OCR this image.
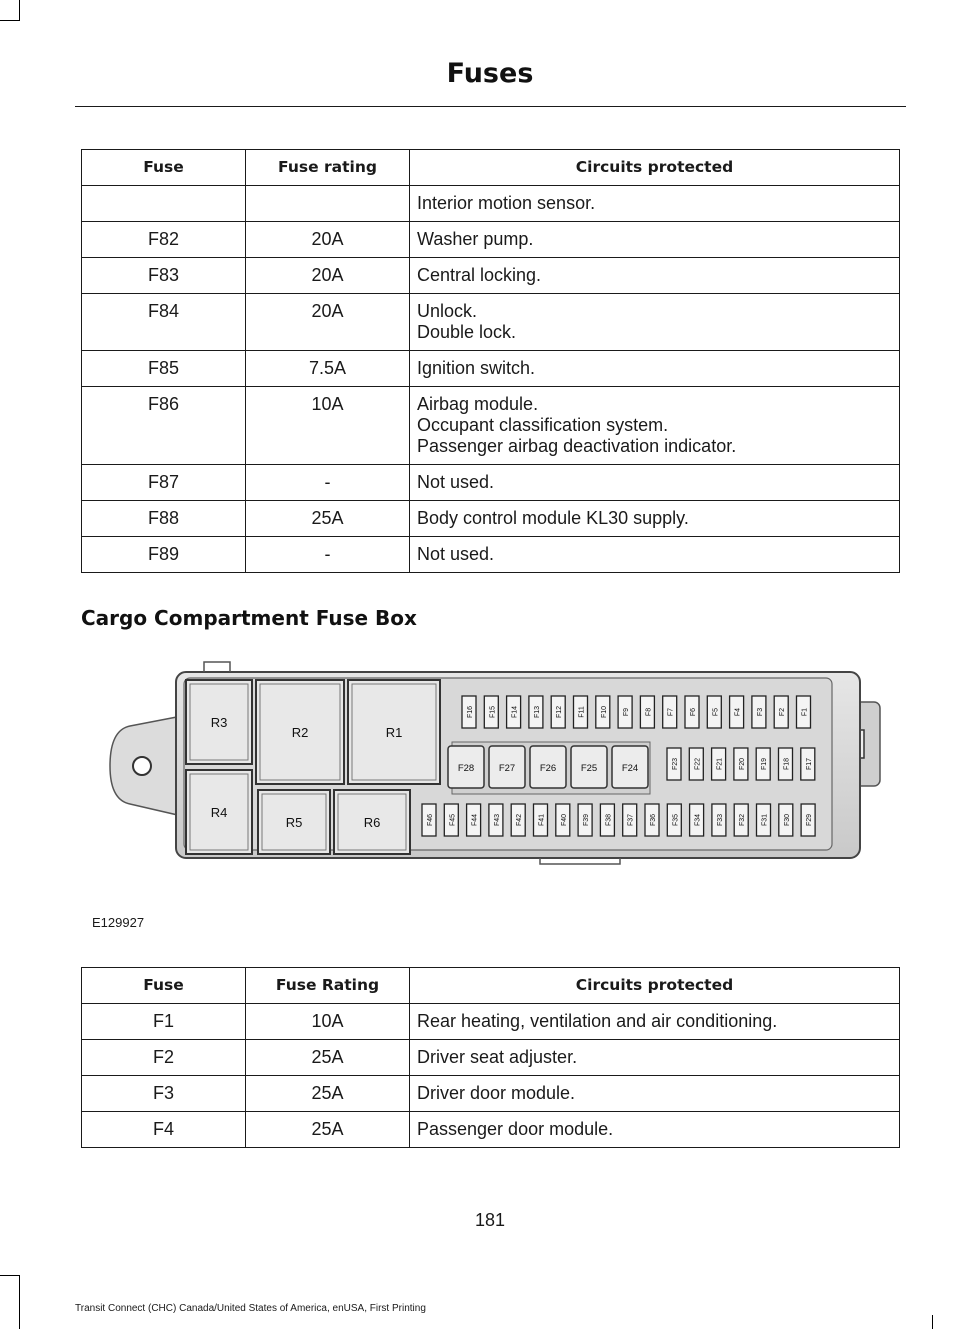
Fuses
Fuse	Fuse rating	Circuits protected

		Interior motion sensor.

F82	20A	Washer pump.

F83	20A	Central locking.

F84	20A	Unlock.
Double lock.

F85	7.5A	Ignition switch.

F86	10A	Airbag module.
Occupant classification system.
Passenger airbag deactivation indicator.

F87	-	Not used.

F88	25A	Body control module KL30 supply.

F89	-	Not used.
Cargo Compartment Fuse Box
R3
R2	R1
R4
R5	R6
F28	F27	F26	F25	F24
F16 F15 F14 F13 F12 F11 F10 F9 F8 F7 F6 F5 F4 F3 F2 F1
F23 F22 F21 F20 F19 F18 F17
F46 F45 F44 F43 F42 F41 F40 F39 F38 F37 F36 F35 F34 F33 F32 F31 F30 F29
E129927
Fuse	Fuse Rating	Circuits protected
F1	10A	Rear heating, ventilation and air conditioning.

F2	25A	Driver seat adjuster.

F3	25A	Driver door module.

F4	25A	Passenger door module.
181
Transit Connect (CHC) Canada/United States of America, enUSA, First Printing
